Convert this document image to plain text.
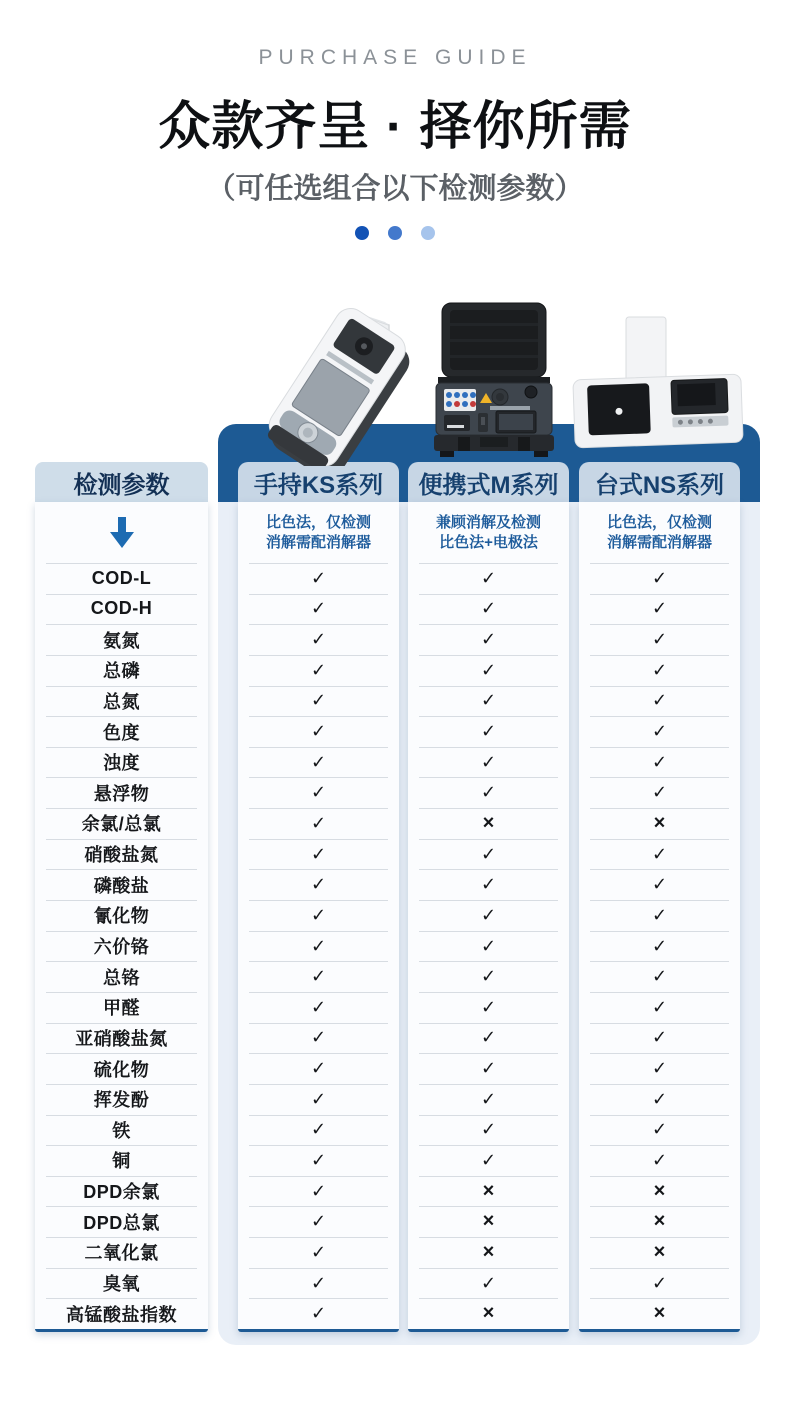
PURCHASE GUIDE
众款齐呈 · 择你所需
（可任选组合以下检测参数）
检测参数
COD-L
COD-H
氨氮
总磷
总氮
色度
浊度
悬浮物
余氯/总氯
硝酸盐氮
磷酸盐
氰化物
六价铬
总铬
甲醛
亚硝酸盐氮
硫化物
挥发酚
铁
铜
DPD余氯
DPD总氯
二氧化氯
臭氧
高锰酸盐指数
手持KS系列
比色法，仅检测
消解需配消解器
✓
✓
✓
✓
✓
✓
✓
✓
✓
✓
✓
✓
✓
✓
✓
✓
✓
✓
✓
✓
✓
✓
✓
✓
✓
便携式M系列
兼顾消解及检测
比色法+电极法
✓
✓
✓
✓
✓
✓
✓
✓
×
✓
✓
✓
✓
✓
✓
✓
✓
✓
✓
✓
×
×
×
✓
×
台式NS系列
比色法，仅检测
消解需配消解器
✓
✓
✓
✓
✓
✓
✓
✓
×
✓
✓
✓
✓
✓
✓
✓
✓
✓
✓
✓
×
×
×
✓
×
